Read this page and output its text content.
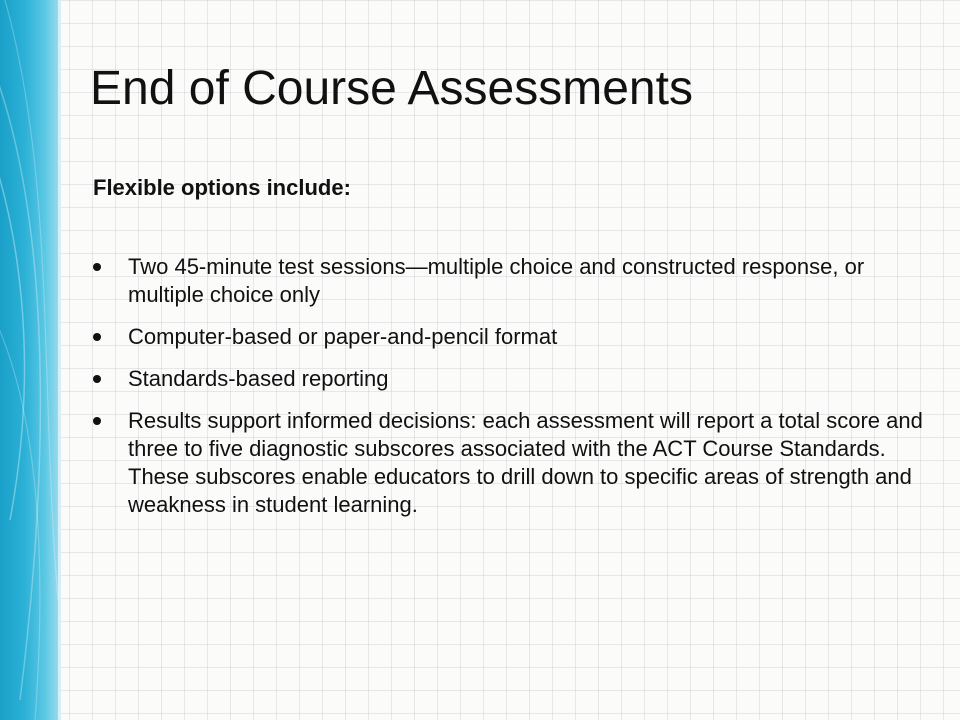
End of Course Assessments
Flexible options include:
Two 45-minute test sessions—multiple choice and constructed response, or multiple choice only
Computer-based or paper-and-pencil format
Standards-based reporting
Results support informed decisions: each assessment will report a total score and three to five diagnostic subscores associated with the ACT Course Standards. These subscores enable educators to drill down to specific areas of strength and weakness in student learning.
